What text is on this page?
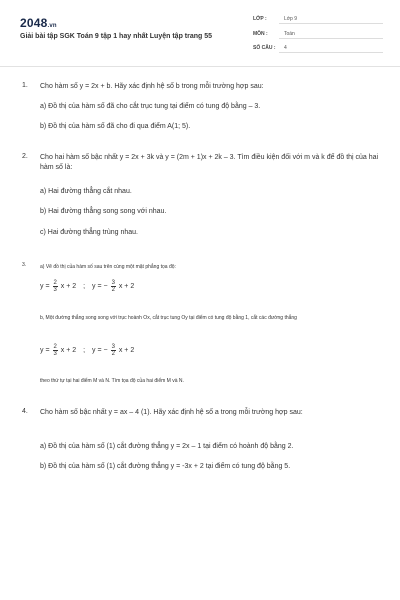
2048.vn
Giải bài tập SGK Toán 9 tập 1 hay nhất Luyện tập trang 55
LỚP :	Lớp 9
MÔN :	Toán
SỐ CÂU : 4
1. Cho hàm số y = 2x + b. Hãy xác định hệ số b trong mỗi trường hợp sau:
a) Đồ thị của hàm số đã cho cắt trục tung tại điểm có tung độ bằng – 3.
b) Đồ thị của hàm số đã cho đi qua điểm A(1; 5).
2. Cho hai hàm số bậc nhất y = 2x + 3k và y = (2m + 1)x + 2k – 3. Tìm điều kiện đối với m và k để đồ thị của hai hàm số là:
a) Hai đường thẳng cắt nhau.
b) Hai đường thẳng song song với nhau.
c) Hai đường thẳng trùng nhau.
3.	a) Vẽ đồ thị của hàm số sau trên cùng một mặt phẳng tọa độ:
$y = \frac{2}{3}$ x + 2 ; y = − $\frac{3}{2}$ x + 2
b, Một đường thẳng song song với trục hoành Ox, cắt trục tung Oy tại điểm có tung độ bằng 1, cắt các đường thẳng
$y = \frac{2}{3}$ x + 2 ; y = − $\frac{3}{2}$ x + 2
theo thứ tự tại hai điểm M và N. Tìm tọa độ của hai điểm M và N.
4. Cho hàm số bậc nhất y = ax – 4 (1). Hãy xác định hệ số a trong mỗi trường hợp sau:
a) Đồ thị của hàm số (1) cắt đường thẳng y = 2x – 1 tại điểm có hoành độ bằng 2.
b) Đồ thị của hàm số (1) cắt đường thẳng y = -3x + 2 tại điểm có tung độ bằng 5.
